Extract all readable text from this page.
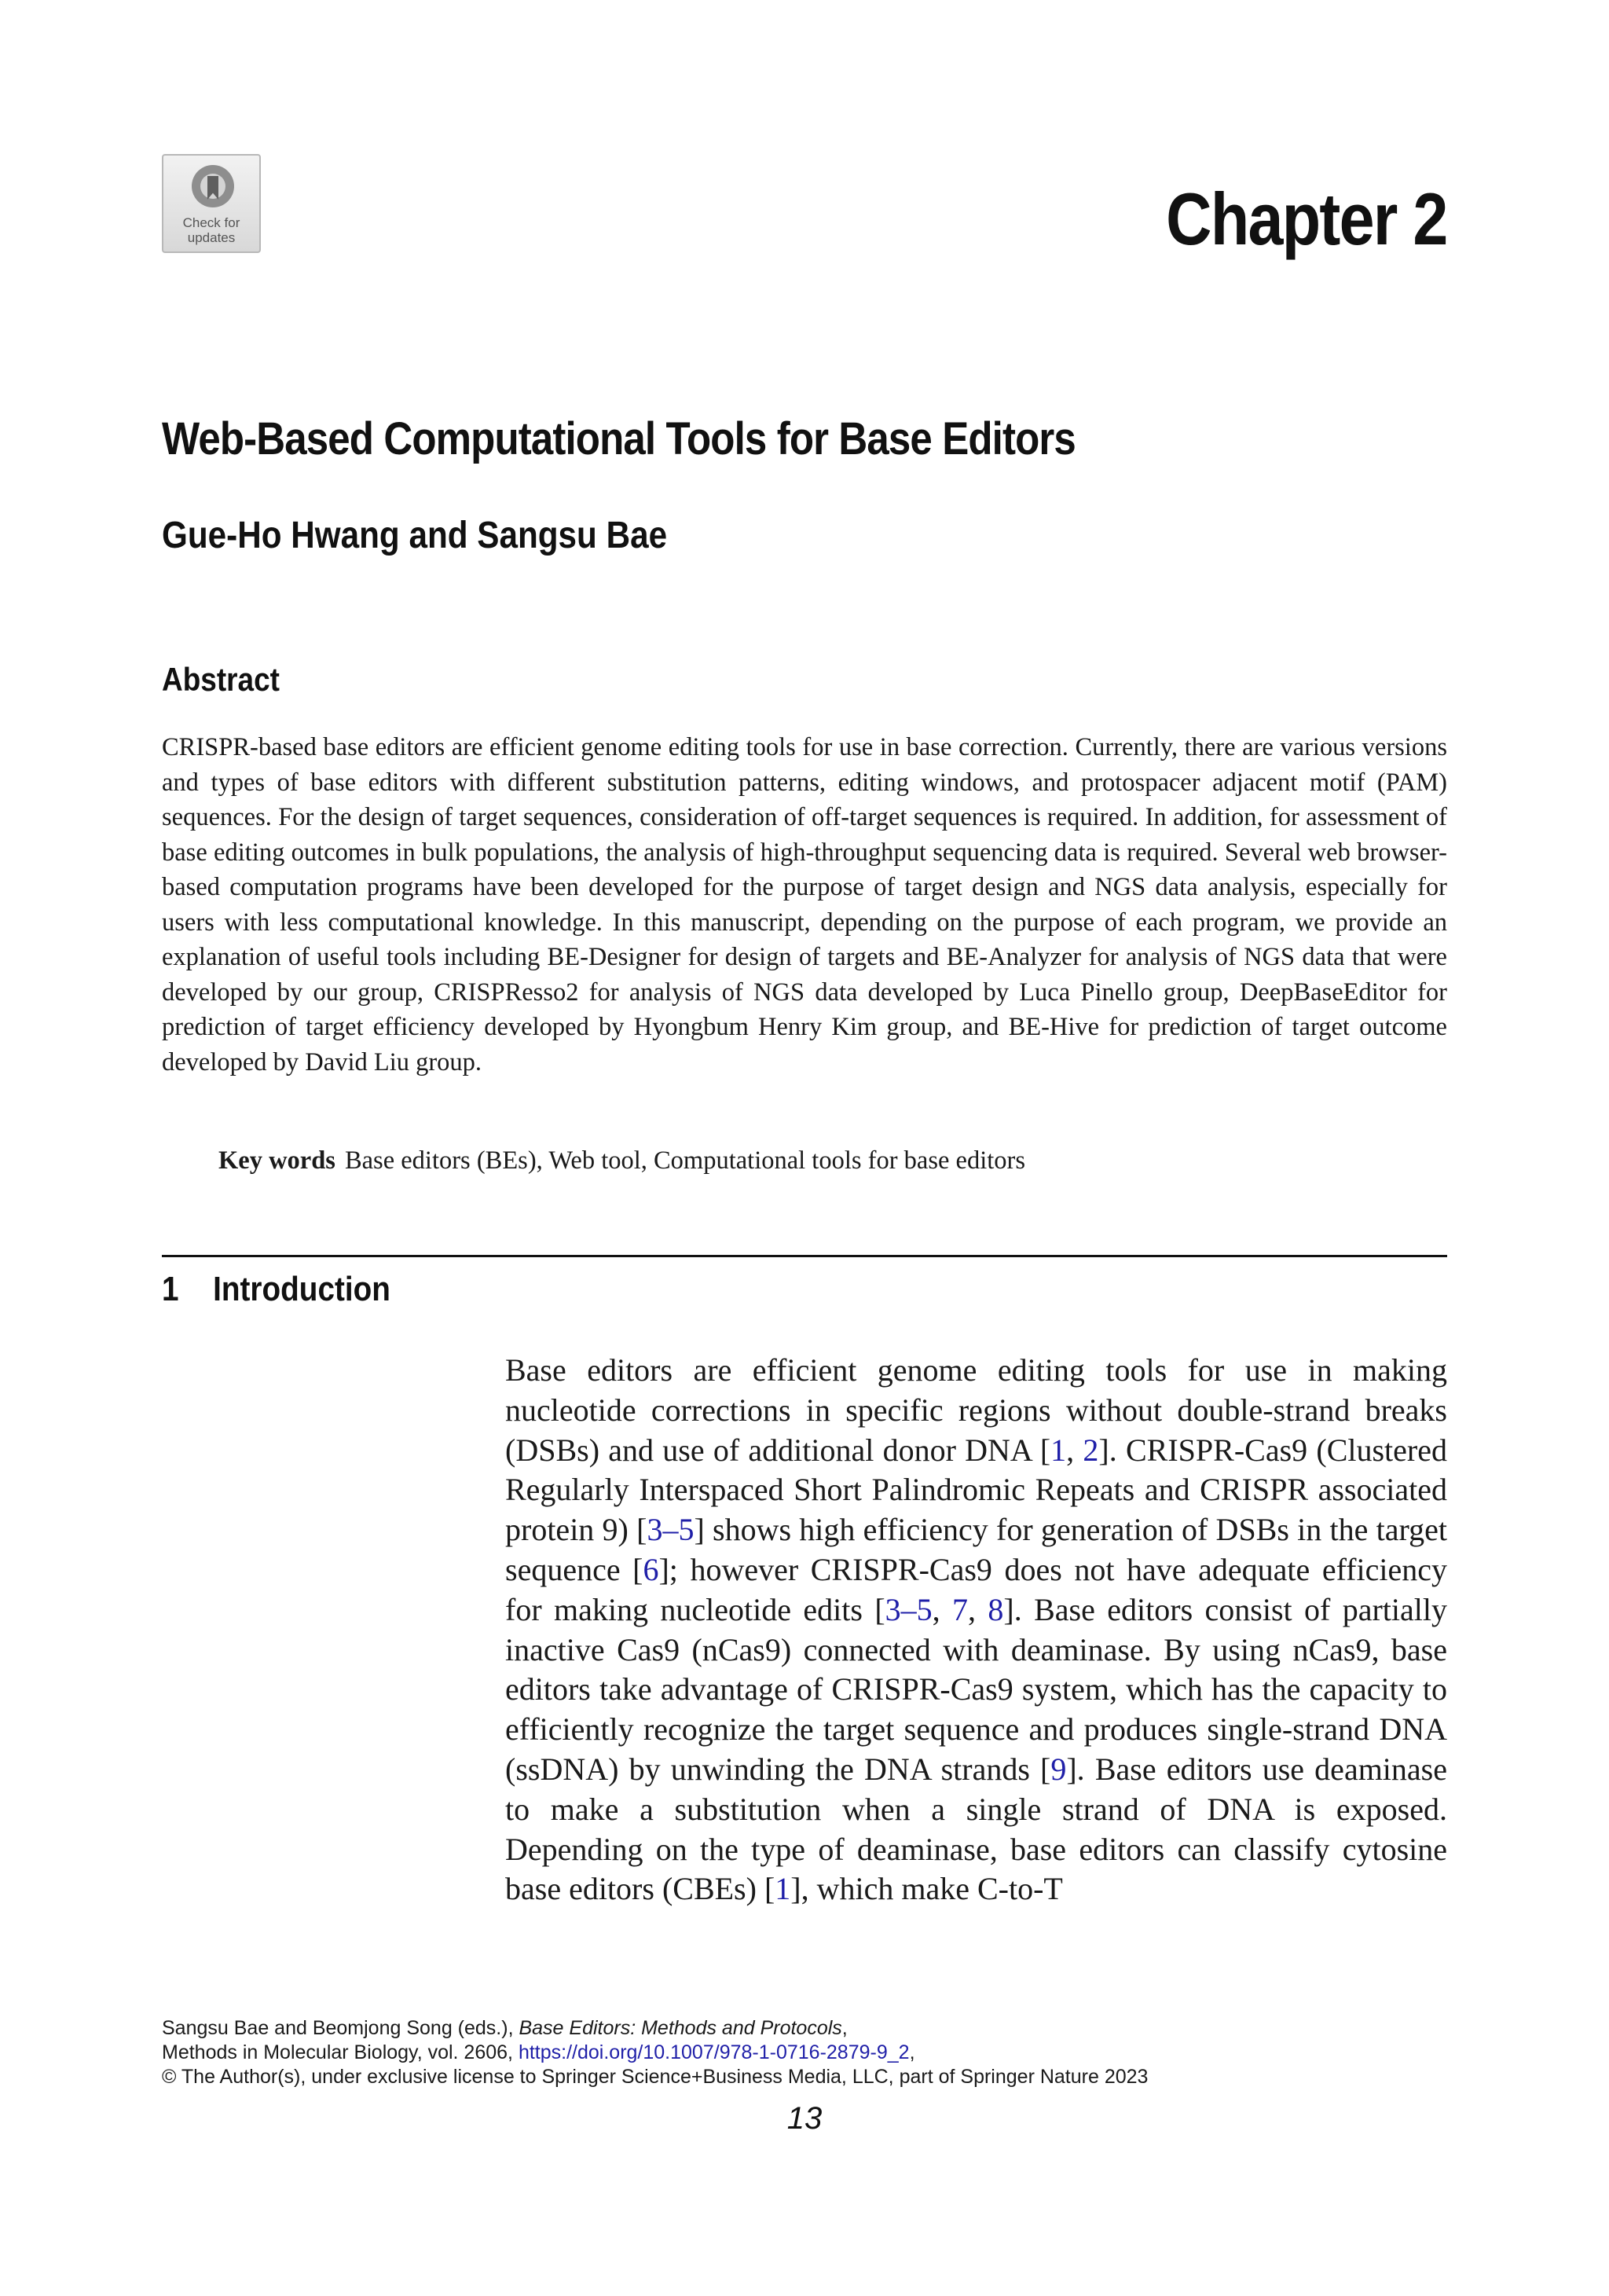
Check for
updates	Chapter 2
Web-Based Computational Tools for Base Editors
Gue-Ho Hwang and Sangsu Bae
Abstract

CRISPR-based base editors are efficient genome editing tools for use in base correction. Currently, there are various versions and types of base editors with different substitution patterns, editing windows, and protospacer adjacent motif (PAM) sequences. For the design of target sequences, consideration of off-target sequences is required. In addition, for assessment of base editing outcomes in bulk populations, the analysis of high-throughput sequencing data is required. Several web browser-based computation programs have been developed for the purpose of target design and NGS data analysis, especially for users with less computational knowledge. In this manuscript, depending on the purpose of each program, we provide an explanation of useful tools including BE-Designer for design of targets and BE-Analyzer for analysis of NGS data that were developed by our group, CRISPResso2 for analysis of NGS data developed by Luca Pinello group, DeepBaseEditor for prediction of target efficiency developed by Hyongbum Henry Kim group, and BE-Hive for prediction of target outcome developed by David Liu group.

Key words Base editors (BEs), Web tool, Computational tools for base editors

1 Introduction

Base editors are efficient genome editing tools for use in making nucleotide corrections in specific regions without double-strand breaks (DSBs) and use of additional donor DNA [1, 2]. CRISPR-Cas9 (Clustered Regularly Interspaced Short Palindromic Repeats and CRISPR associated protein 9) [3–5] shows high efficiency for generation of DSBs in the target sequence [6]; however CRISPR-Cas9 does not have adequate efficiency for making nucleotide edits [3–5, 7, 8]. Base editors consist of partially inactive Cas9 (nCas9) connected with deaminase. By using nCas9, base editors take advantage of CRISPR-Cas9 system, which has the capacity to efficiently recognize the target sequence and produces single-strand DNA (ssDNA) by unwinding the DNA strands [9]. Base editors use deaminase to make a substitution when a single strand of DNA is exposed. Depending on the type of deaminase, base editors can classify cytosine base editors (CBEs) [1], which make C-to-T

Sangsu Bae and Beomjong Song (eds.), Base Editors: Methods and Protocols,
Methods in Molecular Biology, vol. 2606, https://doi.org/10.1007/978-1-0716-2879-9_2,
© The Author(s), under exclusive license to Springer Science+Business Media, LLC, part of Springer Nature 2023

13
